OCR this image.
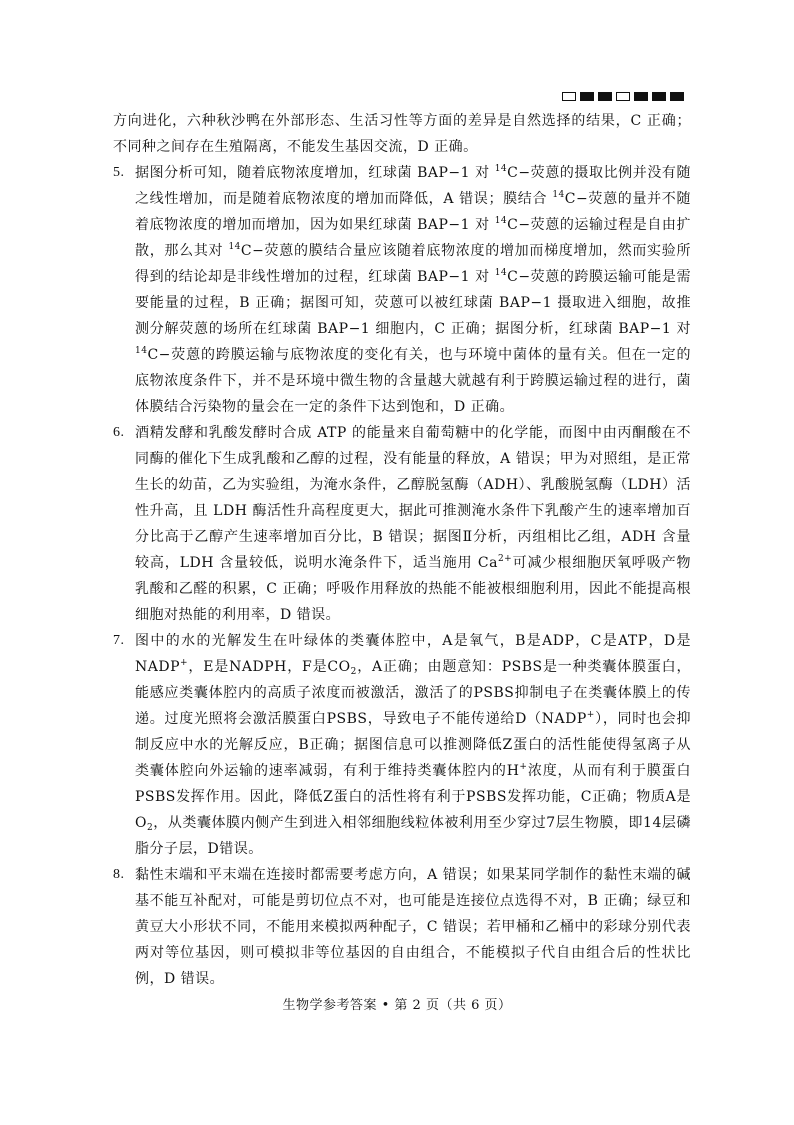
方向进化，六种秋沙鸭在外部形态、生活习性等方面的差异是自然选择的结果，C 正确；不同种之间存在生殖隔离，不能发生基因交流，D 正确。

5. 据图分析可知，随着底物浓度增加，红球菌 BAP−1 对 $^{14}$C−荧蒽的摄取比例并没有随之线性增加，而是随着底物浓度的增加而降低，A 错误；膜结合 $^{14}$C−荧蒽的量并不随着底物浓度的增加而增加，因为如果红球菌 BAP−1 对 $^{14}$C−荧蒽的运输过程是自由扩散，那么其对 $^{14}$C−荧蒽的膜结合量应该随着底物浓度的增加而梯度增加，然而实验所得到的结论却是非线性增加的过程，红球菌 BAP−1 对 $^{14}$C−荧蒽的跨膜运输可能是需要能量的过程，B 正确；据图可知，荧蒽可以被红球菌 BAP−1 摄取进入细胞，故推测分解荧蒽的场所在红球菌 BAP−1 细胞内，C 正确；据图分析，红球菌 BAP−1 对 $^{14}$C−荧蒽的跨膜运输与底物浓度的变化有关，也与环境中菌体的量有关。但在一定的底物浓度条件下，并不是环境中微生物的含量越大就越有利于跨膜运输过程的进行，菌体膜结合污染物的量会在一定的条件下达到饱和，D 正确。

6. 酒精发酵和乳酸发酵时合成 ATP 的能量来自葡萄糖中的化学能，而图中由丙酮酸在不同酶的催化下生成乳酸和乙醇的过程，没有能量的释放，A 错误；甲为对照组，是正常生长的幼苗，乙为实验组，为淹水条件，乙醇脱氢酶（ADH）、乳酸脱氢酶（LDH）活性升高，且 LDH 酶活性升高程度更大，据此可推测淹水条件下乳酸产生的速率增加百分比高于乙醇产生速率增加百分比，B 错误；据图Ⅱ分析，丙组相比乙组，ADH 含量较高，LDH 含量较低，说明水淹条件下，适当施用 $Ca^{2+}$可减少根细胞厌氧呼吸产物乳酸和乙醛的积累，C 正确；呼吸作用释放的热能不能被根细胞利用，因此不能提高根细胞对热能的利用率，D 错误。

7. 图中的水的光解发生在叶绿体的类囊体腔中，A是氧气，B是ADP，C是ATP，D是NADP+，E是NADPH，F是$CO_2$，A正确；由题意知：PSBS是一种类囊体膜蛋白，能感应类囊体腔内的高质子浓度而被激活，激活了的PSBS抑制电子在类囊体膜上的传递。过度光照将会激活膜蛋白PSBS，导致电子不能传递给D（NADP+），同时也会抑制反应中水的光解反应，B正确；据图信息可以推测降低Z蛋白的活性能使得氢离子从类囊体腔向外运输的速率减弱，有利于维持类囊体腔内的H+浓度，从而有利于膜蛋白PSBS发挥作用。因此，降低Z蛋白的活性将有利于PSBS发挥功能，C正确；物质A是$O_2$，从类囊体膜内侧产生到进入相邻细胞线粒体被利用至少穿过7层生物膜，即14层磷脂分子层，D错误。

8. 黏性末端和平末端在连接时都需要考虑方向，A 错误；如果某同学制作的黏性末端的碱基不能互补配对，可能是剪切位点不对，也可能是连接位点选得不对，B 正确；绿豆和黄豆大小形状不同，不能用来模拟两种配子，C 错误；若甲桶和乙桶中的彩球分别代表两对等位基因，则可模拟非等位基因的自由组合，不能模拟子代自由组合后的性状比例，D 错误。

生物学参考答案 • 第 2 页（共 6 页）
